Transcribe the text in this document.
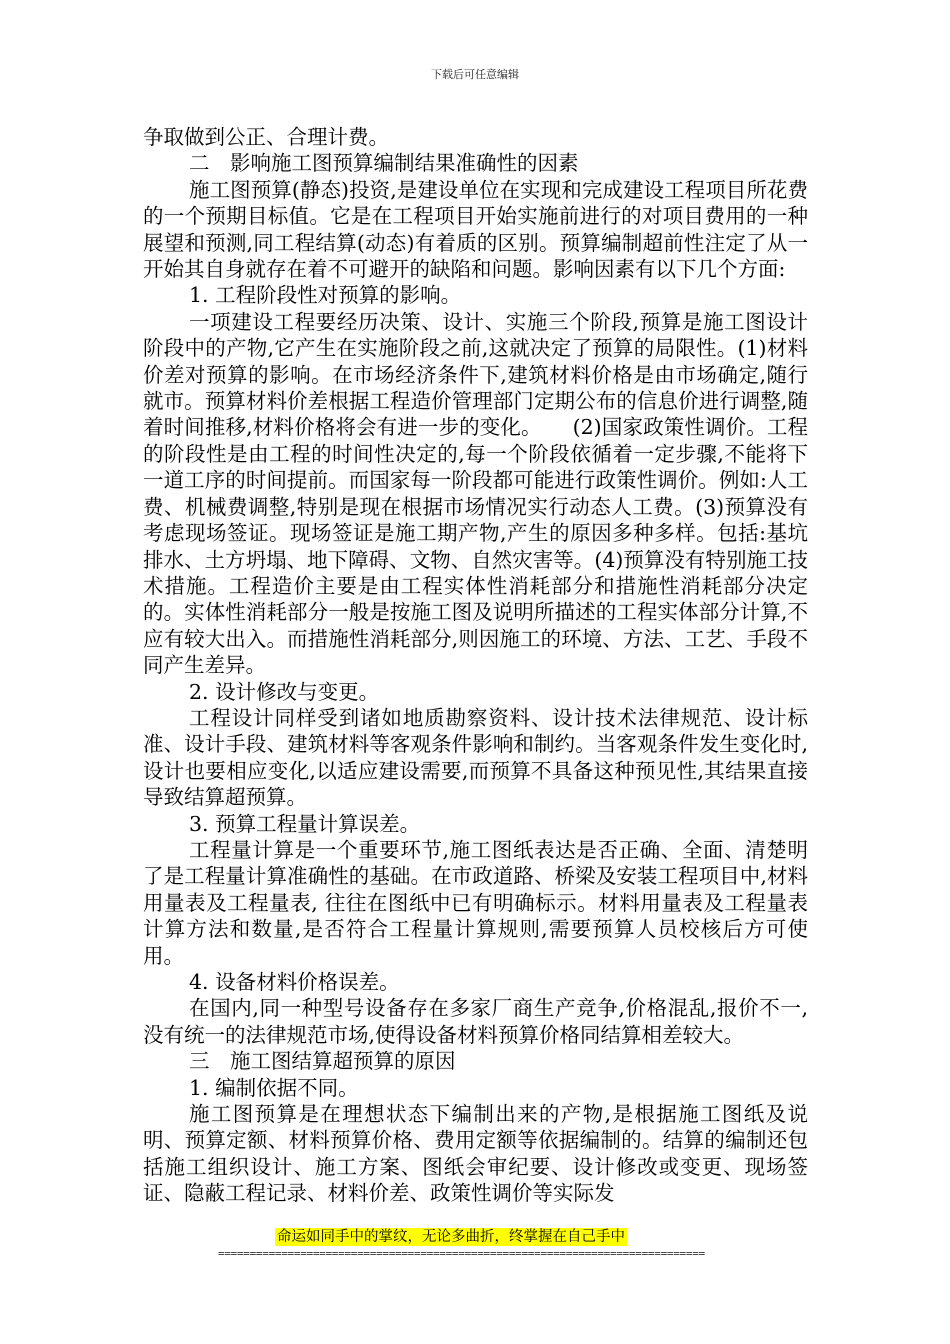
下载后可任意编辑

争取做到公正、合理计费。

二　影响施工图预算编制结果准确性的因素

施工图预算(静态)投资,是建设单位在实现和完成建设工程项目所花费的一个预期目标值。它是在工程项目开始实施前进行的对项目费用的一种展望和预测,同工程结算(动态)有着质的区别。预算编制超前性注定了从一开始其自身就存在着不可避开的缺陷和问题。影响因素有以下几个方面:

1. 工程阶段性对预算的影响。

一项建设工程要经历决策、设计、实施三个阶段,预算是施工图设计阶段中的产物,它产生在实施阶段之前,这就决定了预算的局限性。(1)材料价差对预算的影响。在市场经济条件下,建筑材料价格是由市场确定,随行就市。预算材料价差根据工程造价管理部门定期公布的信息价进行调整,随着时间推移,材料价格将会有进一步的变化。　　(2)国家政策性调价。工程的阶段性是由工程的时间性决定的,每一个阶段依循着一定步骤,不能将下一道工序的时间提前。而国家每一阶段都可能进行政策性调价。例如:人工费、机械费调整,特别是现在根据市场情况实行动态人工费。(3)预算没有考虑现场签证。现场签证是施工期产物,产生的原因多种多样。包括:基坑排水、土方坍塌、地下障碍、文物、自然灾害等。(4)预算没有特别施工技术措施。工程造价主要是由工程实体性消耗部分和措施性消耗部分决定的。实体性消耗部分一般是按施工图及说明所描述的工程实体部分计算,不应有较大出入。而措施性消耗部分,则因施工的环境、方法、工艺、手段不同产生差异。

2. 设计修改与变更。

工程设计同样受到诸如地质勘察资料、设计技术法律规范、设计标准、设计手段、建筑材料等客观条件影响和制约。当客观条件发生变化时,设计也要相应变化,以适应建设需要,而预算不具备这种预见性,其结果直接导致结算超预算。

3. 预算工程量计算误差。

工程量计算是一个重要环节,施工图纸表达是否正确、全面、清楚明了是工程量计算准确性的基础。在市政道路、桥梁及安装工程项目中,材料用量表及工程量表, 往往在图纸中已有明确标示。材料用量表及工程量表计算方法和数量,是否符合工程量计算规则,需要预算人员校核后方可使用。

4. 设备材料价格误差。

在国内,同一种型号设备存在多家厂商生产竞争,价格混乱,报价不一,没有统一的法律规范市场,使得设备材料预算价格同结算相差较大。

三　施工图结算超预算的原因

1. 编制依据不同。

施工图预算是在理想状态下编制出来的产物,是根据施工图纸及说明、预算定额、材料预算价格、费用定额等依据编制的。结算的编制还包括施工组织设计、施工方案、图纸会审纪要、设计修改或变更、现场签证、隐蔽工程记录、材料价差、政策性调价等实际发

命运如同手中的掌纹，无论多曲折，终掌握在自己手中
=============================================================================
